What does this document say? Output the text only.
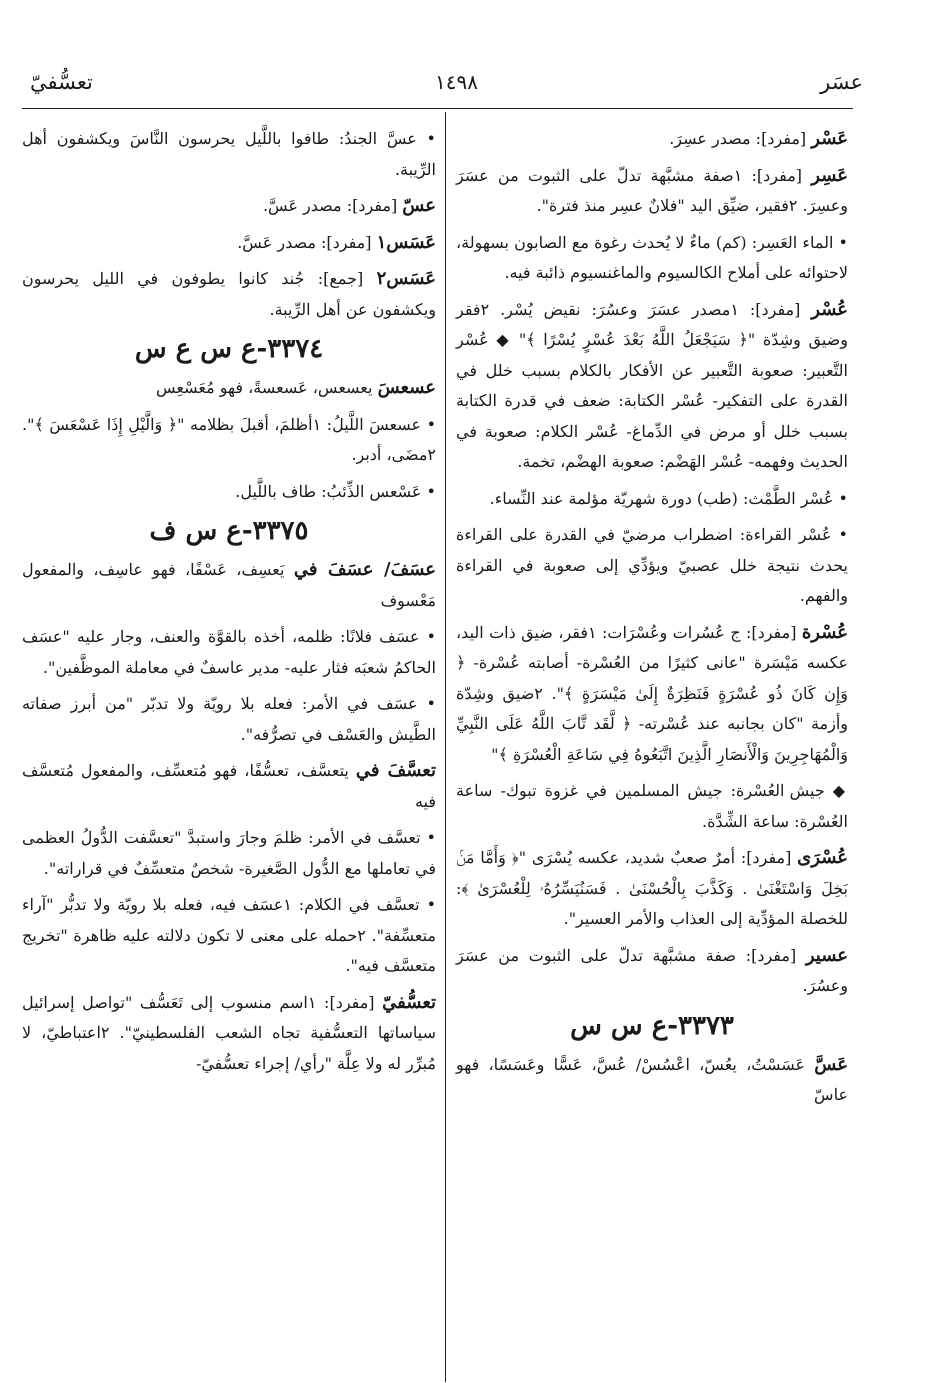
عسَر
١٤٩٨
تعسُّفيّ

عَسْر [مفرد]: مصدر عسِرَ.

عَسِر [مفرد]: ١صفة مشبَّهة تدلّ على الثبوت من عسَرَ وعسِرَ. ٢فقير، ضيِّق اليد "فلانٌ عسِر منذ فترة".

• الماء العَسِر: (كم) ماءٌ لا يُحدث رغوة مع الصابون بسهولة، لاحتوائه على أملاح الكالسيوم والماغنسيوم ذائبة فيه.

عُسْر [مفرد]: ١مصدر عسَرَ وعسُرَ: نقيض يُسْر. ٢فقر وضيق وشِدّة "﴿ سَيَجْعَلُ اللَّهُ بَعْدَ عُسْرٍ يُسْرًا ﴾" ◆ عُسْر التَّعبير: صعوبة التَّعبير عن الأفكار بالكلام بسبب خلل في القدرة على التفكير- عُسْر الكتابة: ضعف في قدرة الكتابة بسبب خلل أو مرض في الدِّماغ- عُسْر الكلام: صعوبة في الحديث وفهمه- عُسْر الهَضْم: صعوبة الهضْم، تخمة.

• عُسْر الطَّمْث: (طب) دورة شهريّة مؤلمة عند النِّساء.

• عُسْر القراءة: اضطراب مرضيّ في القدرة على القراءة يحدث نتيجة خلل عصبيّ ويؤدِّي إلى صعوبة في القراءة والفهم.

عُسْرة [مفرد]: ج عُسُرات وعُسْرَات: ١فقر، ضيق ذات اليد، عكسه مَيْسَرة "عانى كثيرًا من العُسْرة- أصابته عُسْرة- ﴿ وَإِن كَانَ ذُو عُسْرَةٍ فَنَظِرَةٌ إِلَىٰ مَيْسَرَةٍ ﴾". ٢ضيق وشِدّة وأزمة "كان بجانبه عند عُسْرته- ﴿ لَّقَد تَّابَ اللَّهُ عَلَى النَّبِيِّ وَالْمُهَاجِرِينَ وَالْأَنصَارِ الَّذِينَ اتَّبَعُوهُ فِي سَاعَةِ الْعُسْرَةِ ﴾"

◆ جيش العُسْرة: جيش المسلمين في غزوة تبوك- ساعة العُسْرة: ساعة الشِّدَّة.

عُسْرَى [مفرد]: أمرٌ صعبٌ شديد، عكسه يُسْرَى "﴿ وَأَمَّا مَنۢ بَخِلَ وَاسْتَغْنَىٰ . وَكَذَّبَ بِالْحُسْنَىٰ . فَسَنُيَسِّرُهُۥ لِلْعُسْرَىٰ ﴾: للخصلة المؤدِّية إلى العذاب والأمر العسير".

عسير [مفرد]: صفة مشبَّهة تدلّ على الثبوت من عسَرَ وعسُرَ.

٣٣٧٣-ع س س

عَسَّ عَسَسْتُ، يعُسّ، اعْسُسْ/ عُسَّ، عَسًّا وعَسَسًا، فهو عاسّ

• عسَّ الجندُ: طافوا باللَّيل يحرسون النَّاسَ ويكشفون أهل الرِّيبة.

عسّ [مفرد]: مصدر عَسَّ.

عَسَس١ [مفرد]: مصدر عَسَّ.

عَسَس٢ [جمع]: جُند كانوا يطوفون في الليل يحرسون ويكشفون عن أهل الرِّيبة.

٣٣٧٤-ع س ع س

عسعسَ يعسعس، عَسعسةً، فهو مُعَسْعِس

• عسعسَ اللَّيلُ: ١أظلمَ، أقبلَ بظلامه "﴿ وَالَّيْلِ إِذَا عَسْعَسَ ﴾". ٢مضَى، أدبر.

• عَسْعس الذِّئبُ: طاف باللَّيل.

٣٣٧٥-ع س ف

عسَفَ/ عسَفَ في يَعسِف، عَسْفًا، فهو عاسِف، والمفعول مَعْسوف

• عسَف فلانًا: ظلمه، أخذه بالقوَّة والعنف، وجار عليه "عسَف الحاكمُ شعبَه فثار عليه- مدير عاسفٌ في معاملة الموظَّفين".

• عسَف في الأمر: فعله بلا رويّة ولا تدبّر "من أبرز صفاته الطَّيش والعَسْف في تصرُّفه".

تعسَّفَ في يتعسَّف، تعسُّفًا، فهو مُتعسِّف، والمفعول مُتعسَّف فيه

• تعسَّف في الأمر: ظلمَ وجارَ واستبدَّ "تعسَّفت الدُّولُ العظمى في تعاملها مع الدُّول الصَّغيرة- شخصٌ متعسِّفٌ في قراراته".

• تعسَّف في الكلام: ١عسَف فيه، فعله بلا رويّة ولا تدبُّر "آراء متعسِّفة". ٢حمله على معنى لا تكون دلالته عليه ظاهرة "تخريج متعسَّف فيه".

تعسُّفيّ [مفرد]: ١اسم منسوب إلى تَعَسُّف "تواصل إسرائيل سياساتها التعسُّفية تجاه الشعب الفلسطينيّ". ٢اعتباطيّ، لا مُبرِّر له ولا عِلَّة "رأي/ إجراء تعسُّفيّ-
